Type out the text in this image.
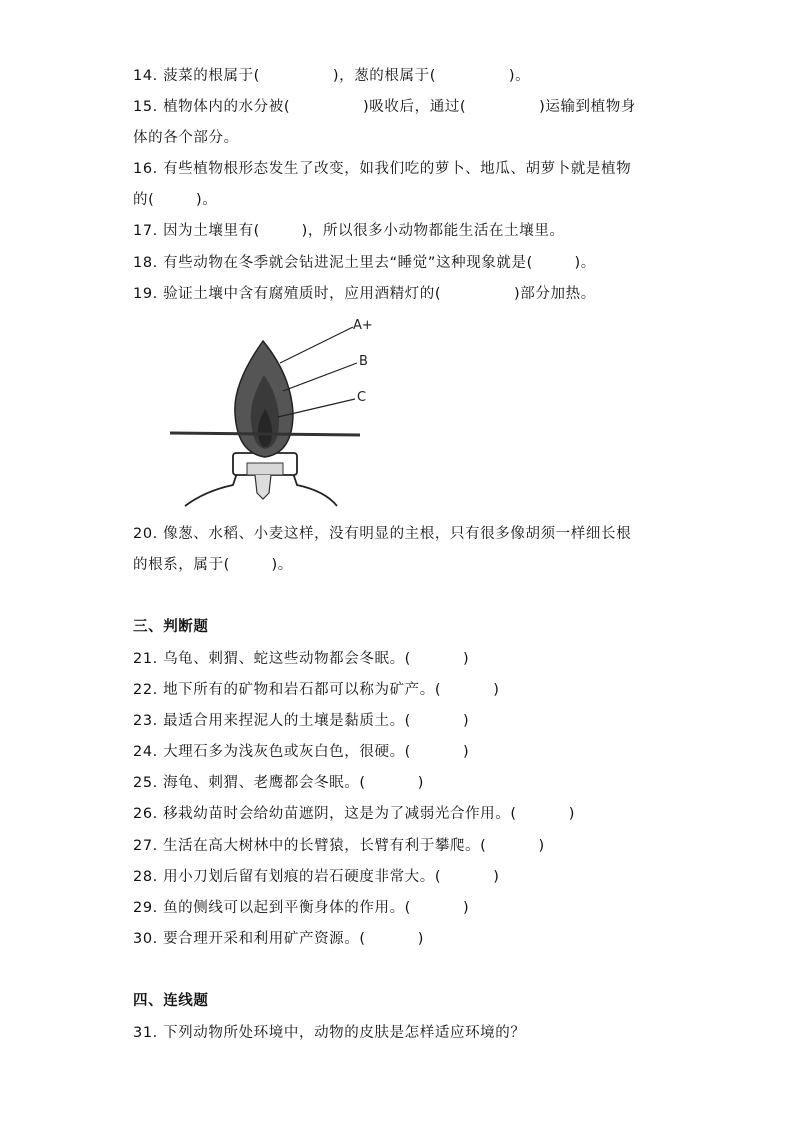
14. 菠菜的根属于(              )，葱的根属于(              )。
15. 植物体内的水分被(              )吸收后，通过(              )运输到植物身
体的各个部分。
16. 有些植物根形态发生了改变，如我们吃的萝卜、地瓜、胡萝卜就是植物
的(        )。
17. 因为土壤里有(        )，所以很多小动物都能生活在土壤里。
18. 有些动物在冬季就会钻进泥土里去“睡觉”这种现象就是(        )。
19. 验证土壤中含有腐殖质时，应用酒精灯的(              )部分加热。
A+
B
C
20. 像葱、水稻、小麦这样，没有明显的主根，只有很多像胡须一样细长根
的根系，属于(        )。
三、判断题
21. 乌龟、刺猬、蛇这些动物都会冬眠。(          )
22. 地下所有的矿物和岩石都可以称为矿产。(          )
23. 最适合用来捏泥人的土壤是黏质土。(          )
24. 大理石多为浅灰色或灰白色，很硬。(          )
25. 海龟、刺猬、老鹰都会冬眠。(          )
26. 移栽幼苗时会给幼苗遮阴，这是为了减弱光合作用。(          )
27. 生活在高大树林中的长臂猿，长臂有利于攀爬。(          )
28. 用小刀划后留有划痕的岩石硬度非常大。(          )
29. 鱼的侧线可以起到平衡身体的作用。(          )
30. 要合理开采和利用矿产资源。(          )
四、连线题
31. 下列动物所处环境中，动物的皮肤是怎样适应环境的？
